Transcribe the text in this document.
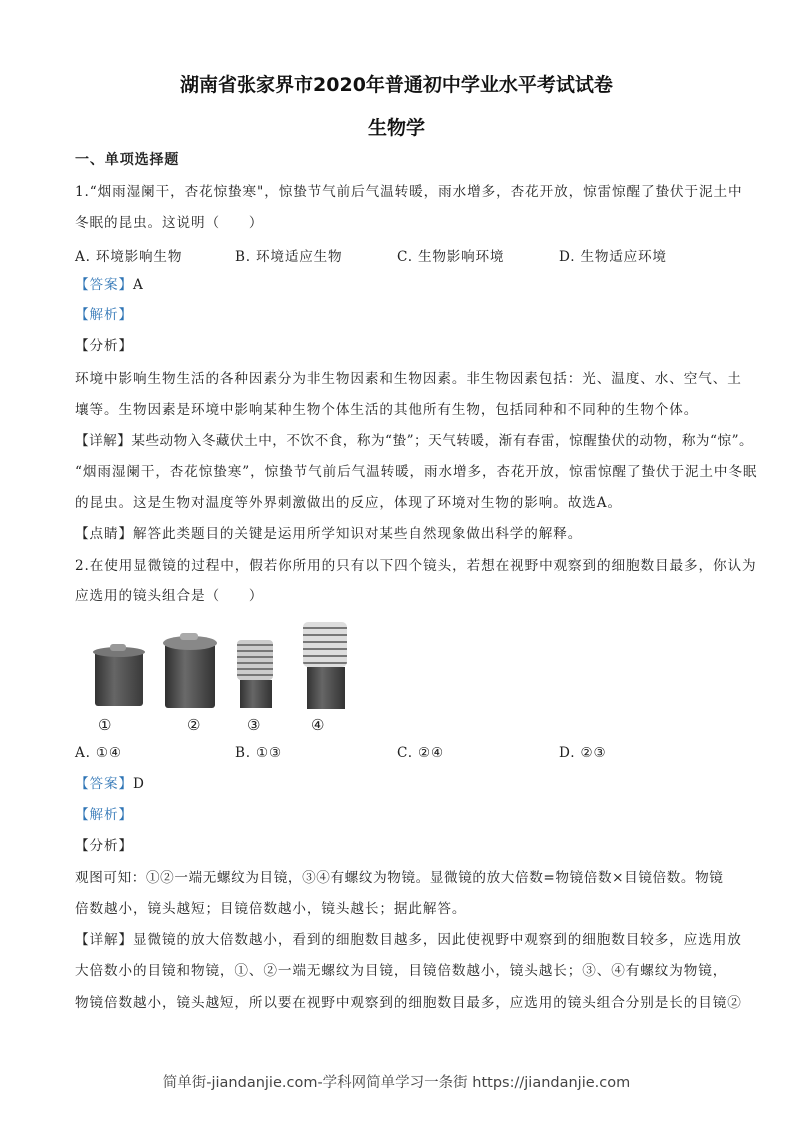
湖南省张家界市2020年普通初中学业水平考试试卷
生物学
一、单项选择题
1.“烟雨湿阑干，杏花惊蛰寒"，惊蛰节气前后气温转暖，雨水增多，杏花开放，惊雷惊醒了蛰伏于泥土中
冬眠的昆虫。这说明（　　）
A. 环境影响生物	B. 环境适应生物	C. 生物影响环境	D. 生物适应环境
【答案】A
【解析】
【分析】
环境中影响生物生活的各种因素分为非生物因素和生物因素。非生物因素包括：光、温度、水、空气、土
壤等。生物因素是环境中影响某种生物个体生活的其他所有生物，包括同种和不同种的生物个体。
【详解】某些动物入冬藏伏土中，不饮不食，称为“蛰”；天气转暖，渐有春雷，惊醒蛰伏的动物，称为“惊”。
“烟雨湿阑干，杏花惊蛰寒”，惊蛰节气前后气温转暖，雨水增多，杏花开放，惊雷惊醒了蛰伏于泥土中冬眠
的昆虫。这是生物对温度等外界刺激做出的反应，体现了环境对生物的影响。故选A。
【点睛】解答此类题目的关键是运用所学知识对某些自然现象做出科学的解释。
2.在使用显微镜的过程中，假若你所用的只有以下四个镜头，若想在视野中观察到的细胞数目最多，你认为
应选用的镜头组合是（　　）
①	②	③	④
A. ①④	B. ①③	C. ②④	D. ②③
【答案】D
【解析】
【分析】
观图可知：①②一端无螺纹为目镜，③④有螺纹为物镜。显微镜的放大倍数=物镜倍数×目镜倍数。物镜
倍数越小，镜头越短；目镜倍数越小，镜头越长；据此解答。
【详解】显微镜的放大倍数越小，看到的细胞数目越多，因此使视野中观察到的细胞数目较多，应选用放
大倍数小的目镜和物镜，①、②一端无螺纹为目镜，目镜倍数越小，镜头越长；③、④有螺纹为物镜，
物镜倍数越小，镜头越短，所以要在视野中观察到的细胞数目最多，应选用的镜头组合分别是长的目镜②
简单街-jiandanjie.com-学科网简单学习一条街 https://jiandanjie.com
